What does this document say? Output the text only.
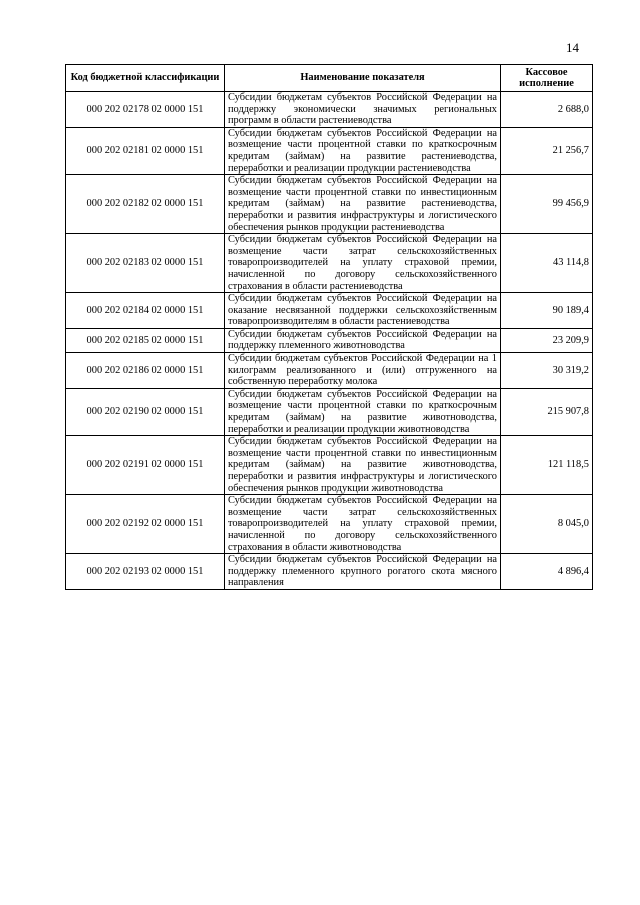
14
Код бюджетной классификации	Наименование показателя	Кассовое исполнение
000 202 02178 02 0000 151	Субсидии бюджетам субъектов Российской Федерации на поддержку экономически значимых региональных программ в области растениеводства	2 688,0
000 202 02181 02 0000 151	Субсидии бюджетам субъектов Российской Федерации на возмещение части процентной ставки по краткосрочным кредитам (займам) на развитие растениеводства, переработки и реализации продукции растениеводства	21 256,7
000 202 02182 02 0000 151	Субсидии бюджетам субъектов Российской Федерации на возмещение части процентной ставки по инвестиционным кредитам (займам) на развитие растениеводства, переработки и развития инфраструктуры и логистического обеспечения рынков продукции растениеводства	99 456,9
000 202 02183 02 0000 151	Субсидии бюджетам субъектов Российской Федерации на возмещение части затрат сельскохозяйственных товаропроизводителей на уплату страховой премии, начисленной по договору сельскохозяйственного страхования в области растениеводства	43 114,8
000 202 02184 02 0000 151	Субсидии бюджетам субъектов Российской Федерации на оказание несвязанной поддержки сельскохозяйственным товаропроизводителям в области растениеводства	90 189,4
000 202 02185 02 0000 151	Субсидии бюджетам субъектов Российской Федерации на поддержку племенного животноводства	23 209,9
000 202 02186 02 0000 151	Субсидии бюджетам субъектов Российской Федерации на 1 килограмм реализованного и (или) отгруженного на собственную переработку молока	30 319,2
000 202 02190 02 0000 151	Субсидии бюджетам субъектов Российской Федерации на возмещение части процентной ставки по краткосрочным кредитам (займам) на развитие животноводства, переработки и реализации продукции животноводства	215 907,8
000 202 02191 02 0000 151	Субсидии бюджетам субъектов Российской Федерации на возмещение части процентной ставки по инвестиционным кредитам (займам) на развитие животноводства, переработки и развития инфраструктуры и логистического обеспечения рынков продукции животноводства	121 118,5
000 202 02192 02 0000 151	Субсидии бюджетам субъектов Российской Федерации на возмещение части затрат сельскохозяйственных товаропроизводителей на уплату страховой премии, начисленной по договору сельскохозяйственного страхования в области животноводства	8 045,0
000 202 02193 02 0000 151	Субсидии бюджетам субъектов Российской Федерации на поддержку племенного крупного рогатого скота мясного направления	4 896,4
